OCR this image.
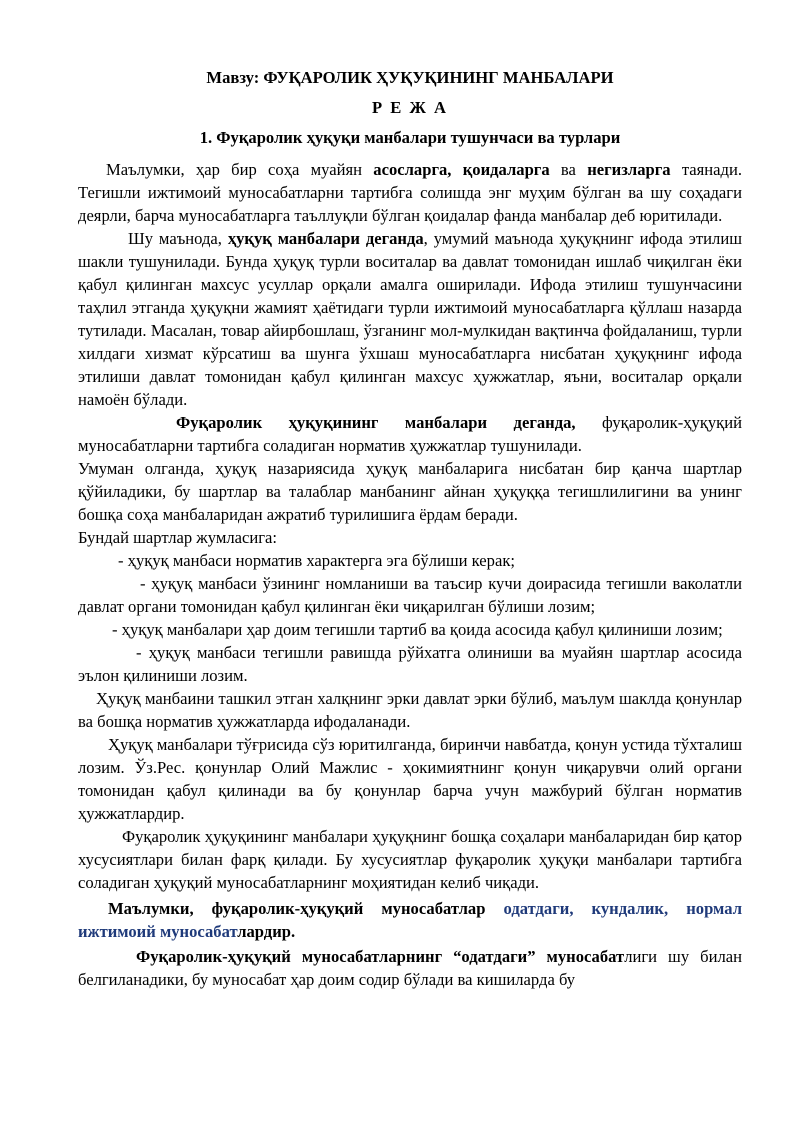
Мавзу: ФУҚАРОЛИК ҲУҚУҚИНИНГ МАНБАЛАРИ
Р Е Ж А
1. Фуқаролик ҳуқуқи манбалари тушунчаси ва турлари

Маълумки, ҳар бир соҳа муайян асосларга, қоидаларга ва негизларга таянади. Тегишли ижтимоий муносабатларни тартибга солишда энг муҳим бўлган ва шу соҳадаги деярли, барча муносабатларга таъллуқли бўлган қоидалар фанда манбалар деб юритилади.

Шу маънода, ҳуқуқ манбалари деганда, умумий маънода ҳуқуқнинг ифода этилиш шакли тушунилади. Бунда ҳуқуқ турли воситалар ва давлат томонидан ишлаб чиқилган ёки қабул қилинган махсус усуллар орқали амалга оширилади. Ифода этилиш тушунчасини таҳлил этганда ҳуқуқни жамият ҳаётидаги турли ижтимоий муносабатларга қўллаш назарда тутилади. Масалан, товар айирбошлаш, ўзганинг мол-мулкидан вақтинча фойдаланиш, турли хилдаги хизмат кўрсатиш ва шунга ўхшаш муносабатларга нисбатан ҳуқуқнинг ифода этилиши давлат томонидан қабул қилинган махсус ҳужжатлар, яъни, воситалар орқали намоён бўлади.

Фуқаролик ҳуқуқининг манбалари деганда, фуқаролик-ҳуқуқий муносабатларни тартибга соладиган норматив ҳужжатлар тушунилади.

Умуман олганда, ҳуқуқ назариясида ҳуқуқ манбаларига нисбатан бир қанча шартлар қўйиладики, бу шартлар ва талаблар манбанинг айнан ҳуқуққа тегишлилигини ва унинг бошқа соҳа манбаларидан ажратиб турилишига ёрдам беради.

Бундай шартлар жумласига:

- ҳуқуқ манбаси норматив характерга эга бўлиши керак;

- ҳуқуқ манбаси ўзининг номланиши ва таъсир кучи доирасида тегишли ваколатли давлат органи томонидан қабул қилинган ёки чиқарилган бўлиши лозим;

- ҳуқуқ манбалари ҳар доим тегишли тартиб ва қоида асосида қабул қилиниши лозим;

- ҳуқуқ манбаси тегишли равишда рўйхатга олиниши ва муайян шартлар асосида эълон қилиниши лозим.

Ҳуқуқ манбаини ташкил этган халқнинг эрки давлат эрки бўлиб, маълум шаклда қонунлар ва бошқа норматив ҳужжатларда ифодаланади.

Ҳуқуқ манбалари тўғрисида сўз юритилганда, биринчи навбатда, қонун устида тўхталиш лозим. Ўз.Рес. қонунлар Олий Мажлис - ҳокимиятнинг қонун чиқарувчи олий органи томонидан қабул қилинади ва бу қонунлар барча учун мажбурий бўлган норматив ҳужжатлардир.

Фуқаролик ҳуқуқининг манбалари ҳуқуқнинг бошқа соҳалари манбаларидан бир қатор хусусиятлари билан фарқ қилади. Бу хусусиятлар фуқаролик ҳуқуқи манбалари тартибга соладиган ҳуқуқий муносабатларнинг моҳиятидан келиб чиқади.

Маълумки, фуқаролик-ҳуқуқий муносабатлар одатдаги, кундалик, нормал ижтимоий муносабатлардир.

Фуқаролик-ҳуқуқий муносабатларнинг “одатдаги” муносабатлиги шу билан белгиланадики, бу муносабат ҳар доим содир бўлади ва кишиларда бу
